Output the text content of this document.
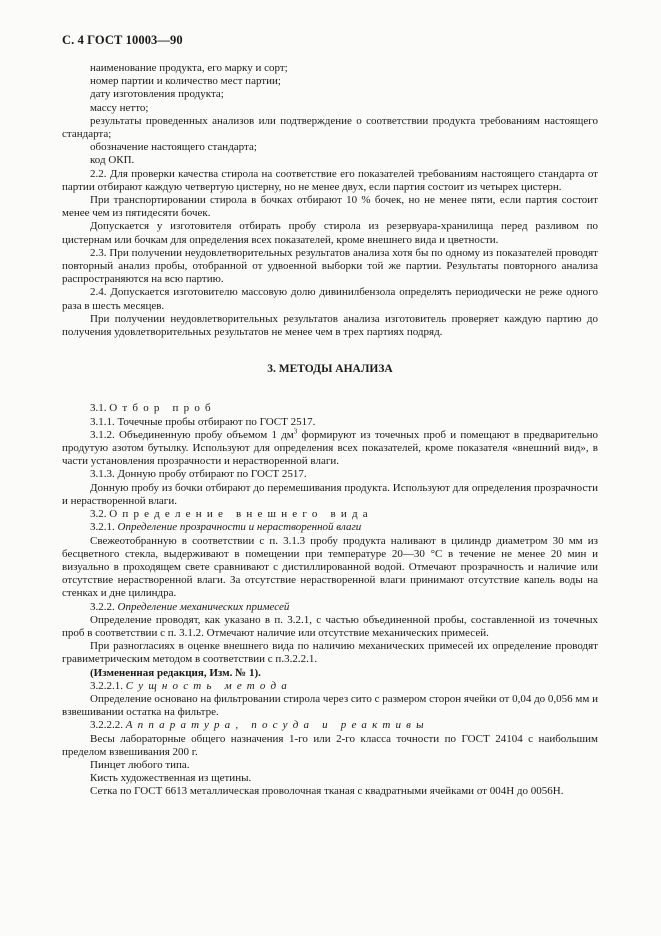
С. 4 ГОСТ 10003—90

наименование продукта, его марку и сорт;

номер партии и количество мест партии;

дату изготовления продукта;

массу нетто;

результаты проведенных анализов или подтверждение о соответствии продукта требованиям настоящего стандарта;

обозначение настоящего стандарта;

код ОКП.

2.2. Для проверки качества стирола на соответствие его показателей требованиям настоящего стандарта от партии отбирают каждую четвертую цистерну, но не менее двух, если партия состоит из четырех цистерн.

При транспортировании стирола в бочках отбирают 10 % бочек, но не менее пяти, если партия состоит менее чем из пятидесяти бочек.

Допускается у изготовителя отбирать пробу стирола из резервуара-хранилища перед разливом по цистернам или бочкам для определения всех показателей, кроме внешнего вида и цветности.

2.3. При получении неудовлетворительных результатов анализа хотя бы по одному из показателей проводят повторный анализ пробы, отобранной от удвоенной выборки той же партии. Результаты повторного анализа распространяются на всю партию.

2.4. Допускается изготовителю массовую долю дивинилбензола определять периодически не реже одного раза в шесть месяцев.

При получении неудовлетворительных результатов анализа изготовитель проверяет каждую партию до получения удовлетворительных результатов не менее чем в трех партиях подряд.

3. МЕТОДЫ АНАЛИЗА

3.1. Отбор проб

3.1.1. Точечные пробы отбирают по ГОСТ 2517.

3.1.2. Объединенную пробу объемом 1 $дм^3$ формируют из точечных проб и помещают в предварительно продутую азотом бутылку. Используют для определения всех показателей, кроме показателя «внешний вид», в части установления прозрачности и нерастворенной влаги.

3.1.3. Донную пробу отбирают по ГОСТ 2517.

Донную пробу из бочки отбирают до перемешивания продукта. Используют для определения прозрачности и нерастворенной влаги.

3.2. Определение внешнего вида

3.2.1. Определение прозрачности и нерастворенной влаги

Свежеотобранную в соответствии с п. 3.1.3 пробу продукта наливают в цилиндр диаметром 30 мм из бесцветного стекла, выдерживают в помещении при температуре 20—30 °С в течение не менее 20 мин и визуально в проходящем свете сравнивают с дистиллированной водой. Отмечают прозрачность и наличие или отсутствие нерастворенной влаги. За отсутствие нерастворенной влаги принимают отсутствие капель воды на стенках и дне цилиндра.

3.2.2. Определение механических примесей

Определение проводят, как указано в п. 3.2.1, с частью объединенной пробы, составленной из точечных проб в соответствии с п. 3.1.2. Отмечают наличие или отсутствие механических примесей.

При разногласиях в оценке внешнего вида по наличию механических примесей их определение проводят гравиметрическим методом в соответствии с п.3.2.2.1.

(Измененная редакция, Изм. № 1).

3.2.2.1. Сущность метода

Определение основано на фильтровании стирола через сито с размером сторон ячейки от 0,04 до 0,056 мм и взвешивании остатка на фильтре.

3.2.2.2. Аппаратура, посуда и реактивы

Весы лабораторные общего назначения 1-го или 2-го класса точности по ГОСТ 24104 с наибольшим пределом взвешивания 200 г.

Пинцет любого типа.

Кисть художественная из щетины.

Сетка по ГОСТ 6613 металлическая проволочная тканая с квадратными ячейками от 004Н до 0056Н.
